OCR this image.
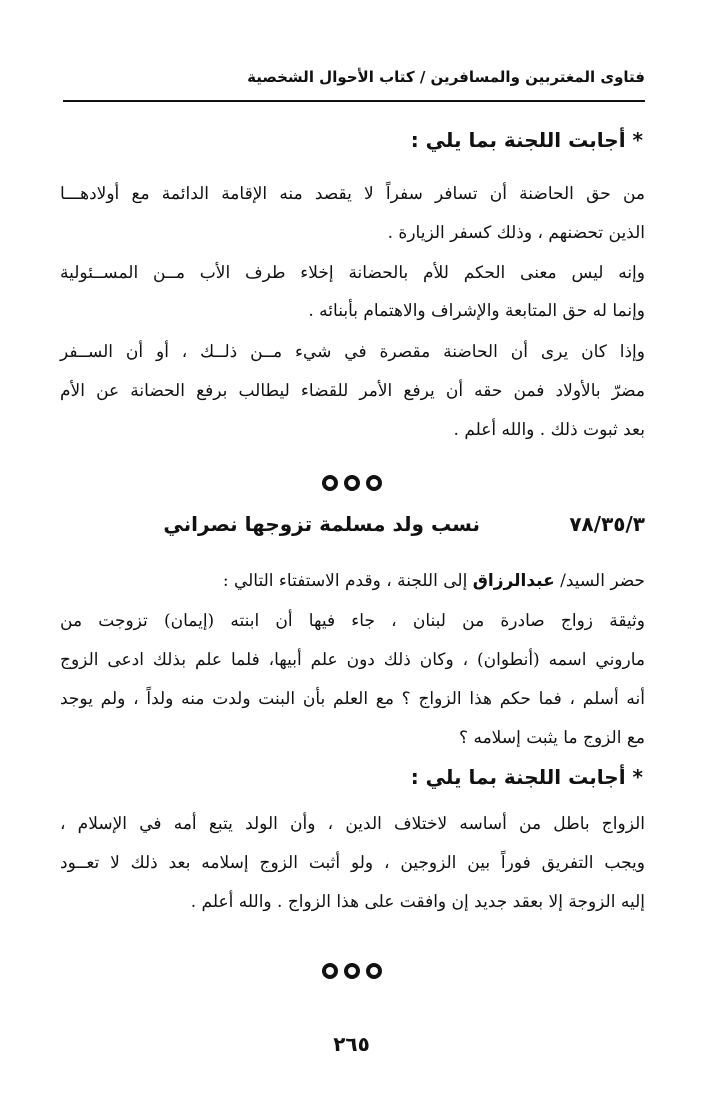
فتاوى المغتربين والمسافرين / كتاب الأحوال الشخصية
* أجابت اللجنة بما يلي :
من حق الحاضنة أن تسافر سفراً لا يقصد منه الإقامة الدائمة مع أولادهـــا
الذين تحضنهم ، وذلك كسفر الزيارة .
وإنه ليس معنى الحكم للأم بالحضانة إخلاء طرف الأب مــن المســئولية
وإنما له حق المتابعة والإشراف والاهتمام بأبنائه .
وإذا كان يرى أن الحاضنة مقصرة في شيء مــن ذلــك ، أو أن الســفر
مضرّ بالأولاد فمن حقه أن يرفع الأمر للقضاء ليطالب برفع الحضانة عن الأم
بعد ثبوت ذلك . والله أعلم .
٧٨/٣٥/٣
نسب ولد مسلمة تزوجها نصراني
حضر السيد/ عبدالرزاق إلى اللجنة ، وقدم الاستفتاء التالي :
وثيقة زواج صادرة من لبنان ، جاء فيها أن ابنته (إيمان) تزوجت من
ماروني اسمه (أنطوان) ، وكان ذلك دون علم أبيها، فلما علم بذلك ادعى الزوج
أنه أسلم ، فما حكم هذا الزواج ؟ مع العلم بأن البنت ولدت منه ولداً ، ولم يوجد
مع الزوج ما يثبت إسلامه ؟
* أجابت اللجنة بما يلي :
الزواج باطل من أساسه لاختلاف الدين ، وأن الولد يتبع أمه في الإسلام ،
ويجب التفريق فوراً بين الزوجين ، ولو أثبت الزوج إسلامه بعد ذلك لا تعــود
إليه الزوجة إلا بعقد جديد إن وافقت على هذا الزواج . والله أعلم .
٢٦٥
